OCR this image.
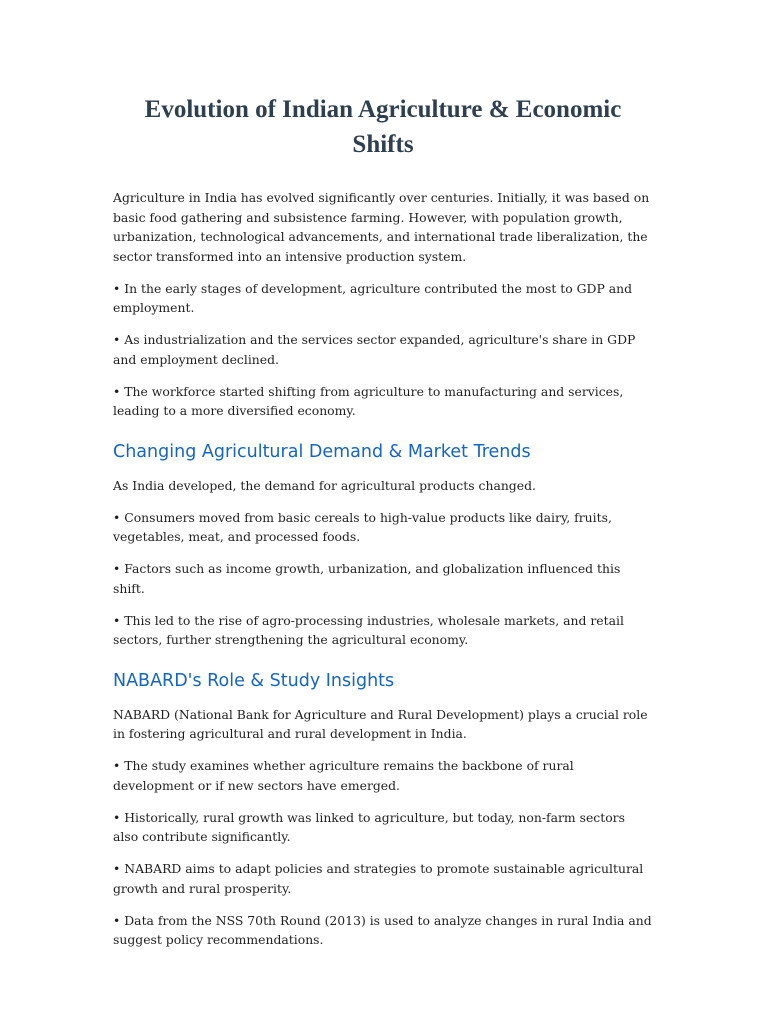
Evolution of Indian Agriculture & Economic Shifts

Agriculture in India has evolved significantly over centuries. Initially, it was based on basic food gathering and subsistence farming. However, with population growth, urbanization, technological advancements, and international trade liberalization, the sector transformed into an intensive production system.

• In the early stages of development, agriculture contributed the most to GDP and employment.

• As industrialization and the services sector expanded, agriculture's share in GDP and employment declined.

• The workforce started shifting from agriculture to manufacturing and services, leading to a more diversified economy.

Changing Agricultural Demand & Market Trends

As India developed, the demand for agricultural products changed.

• Consumers moved from basic cereals to high-value products like dairy, fruits, vegetables, meat, and processed foods.

• Factors such as income growth, urbanization, and globalization influenced this shift.

• This led to the rise of agro-processing industries, wholesale markets, and retail sectors, further strengthening the agricultural economy.

NABARD's Role & Study Insights

NABARD (National Bank for Agriculture and Rural Development) plays a crucial role in fostering agricultural and rural development in India.

• The study examines whether agriculture remains the backbone of rural development or if new sectors have emerged.

• Historically, rural growth was linked to agriculture, but today, non-farm sectors also contribute significantly.

• NABARD aims to adapt policies and strategies to promote sustainable agricultural growth and rural prosperity.

• Data from the NSS 70th Round (2013) is used to analyze changes in rural India and suggest policy recommendations.
